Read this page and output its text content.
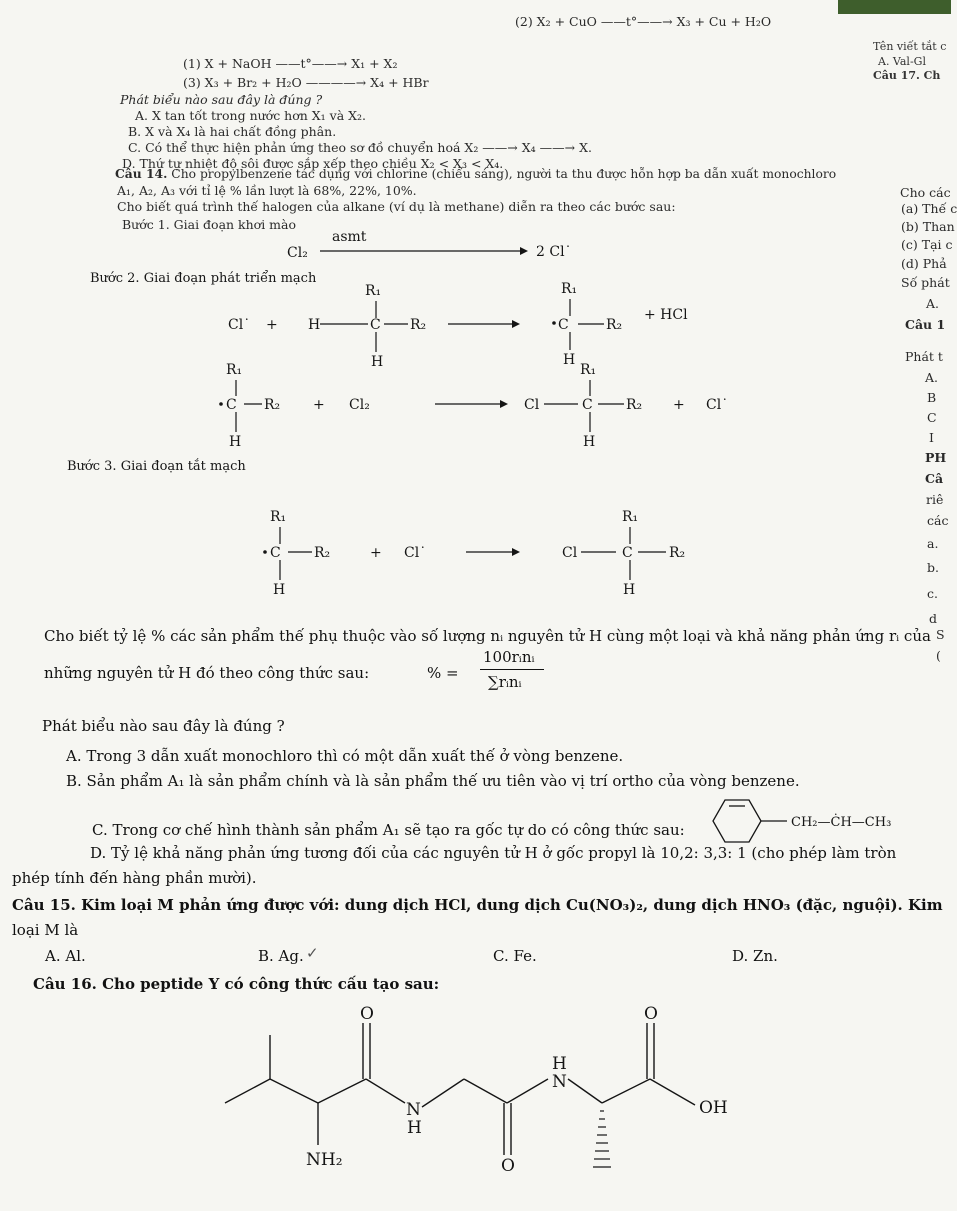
(2) X₂ + CuO ——t°——→ X₃ + Cu + H₂O
(1) X + NaOH ——t°——→ X₁ + X₂
(3) X₃ + Br₂ + H₂O ————→ X₄ + HBr
Phát biểu nào sau đây là đúng ?
A. X tan tốt trong nước hơn X₁ và X₂.
B. X và X₄ là hai chất đồng phân.
C. Có thể thực hiện phản ứng theo sơ đồ chuyển hoá X₂ ——→ X₄ ——→ X.
D. Thứ tự nhiệt độ sôi được sắp xếp theo chiều X₂ < X₃ < X₄.
Câu 14. Cho propylbenzene tác dụng với chlorine (chiếu sáng), người ta thu được hỗn hợp ba dẫn xuất monochloro
A₁, A₂, A₃ với tỉ lệ % lần lượt là 68%, 22%, 10%.
Cho biết quá trình thế halogen của alkane (ví dụ là methane) diễn ra theo các bước sau:
Bước 1. Giai đoạn khơi mào
Tên viết tắt c
A. Val-Gl
Câu 17. Ch
Cho các
(a) Thế c
(b) Than
(c) Tại c
(d) Phả
Số phát
A.
Câu 1
Phát t
A.
B
C
I
PH
Câ
riê
các
a.
b.
c.
d
S
(
Cl₂
asmt
2 Cl˙
Bước 2. Giai đoạn phát triển mạch
Cl˙ +
R₁
H	C R₂
H
R₁
C	R₂
H
+ HCl
R₁
C R₂
H
+ Cl₂	Cl
R₁
C R₂
H
+ Cl˙
Bước 3. Giai đoạn tắt mạch
R₁
C R₂
H
+ Cl˙	Cl
R₁
C	R₂
H
Cho biết tỷ lệ % các sản phẩm thế phụ thuộc vào số lượng nᵢ nguyên tử H cùng một loại và khả năng phản ứng rᵢ của
những nguyên tử H đó theo công thức sau:	% =
100rᵢnᵢ
∑rᵢnᵢ
Phát biểu nào sau đây là đúng ?
A. Trong 3 dẫn xuất monochloro thì có một dẫn xuất thế ở vòng benzene.
B. Sản phẩm A₁ là sản phẩm chính và là sản phẩm thế ưu tiên vào vị trí ortho của vòng benzene.
C. Trong cơ chế hình thành sản phẩm A₁ sẽ tạo ra gốc tự do có công thức sau:	CH₂—ĊH—CH₃
D. Tỷ lệ khả năng phản ứng tương đối của các nguyên tử H ở gốc propyl là 10,2: 3,3: 1 (cho phép làm tròn
phép tính đến hàng phần mười).
Câu 15. Kim loại M phản ứng được với: dung dịch HCl, dung dịch Cu(NO₃)₂, dung dịch HNO₃ (đặc, nguội). Kim
loại M là
A. Al.	B. Ag. ✓	C. Fe.	D. Zn.
Câu 16. Cho peptide Y có công thức cấu tạo sau:
O	O
O
N
H
N
H
OH
NH₂
